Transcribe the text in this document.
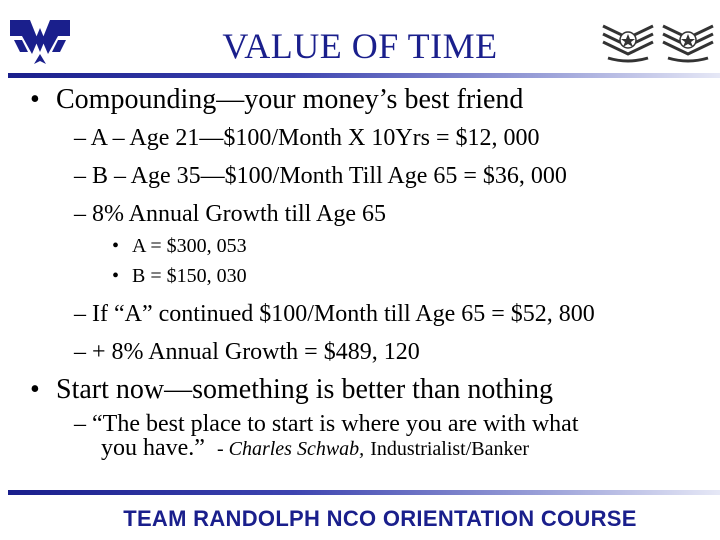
VALUE OF TIME
• Compounding—your money’s best friend
– A – Age 21—$100/Month X 10Yrs = $12, 000
– B – Age 35—$100/Month Till Age 65 = $36, 000
– 8% Annual Growth till Age 65
• A = $300, 053
• B = $150, 030
– If “A” continued $100/Month till Age 65 = $52, 800
– + 8% Annual Growth = $489, 120
• Start now—something is better than nothing
– “The best place to start is where you are with what
you have.” - Charles Schwab, Industrialist/Banker
TEAM RANDOLPH NCO ORIENTATION COURSE
